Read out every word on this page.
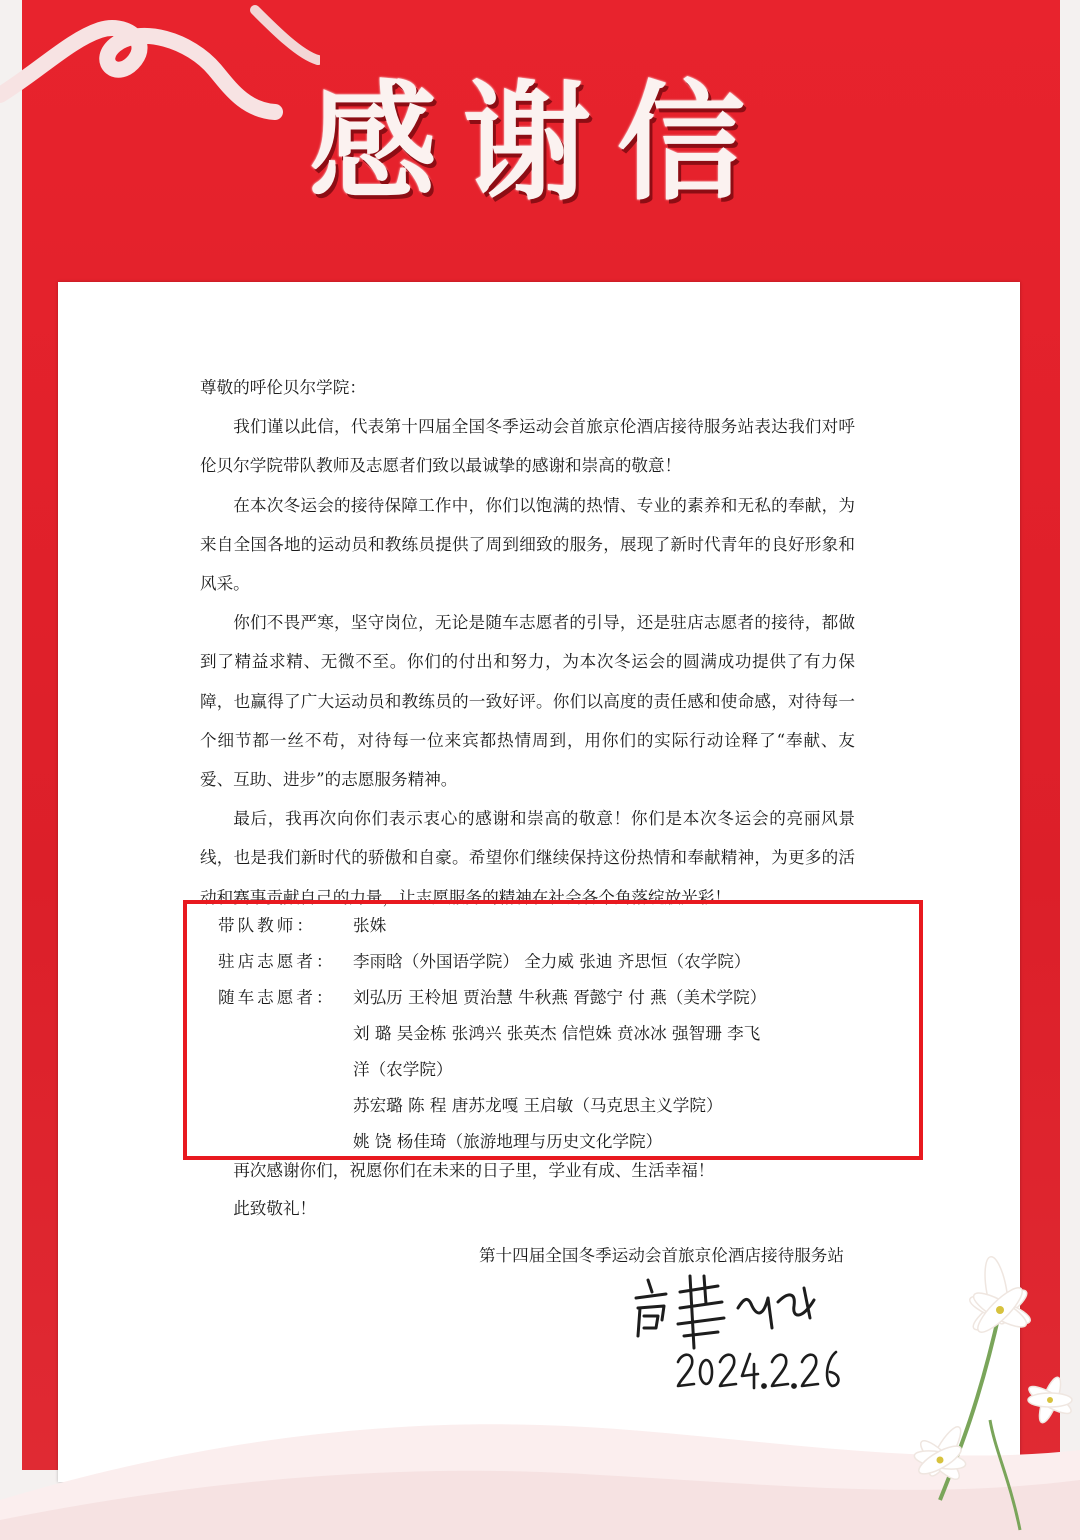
感谢信

尊敬的呼伦贝尔学院：

我们谨以此信，代表第十四届全国冬季运动会首旅京伦酒店接待服务站表达我们对呼伦贝尔学院带队教师及志愿者们致以最诚挚的感谢和崇高的敬意！

在本次冬运会的接待保障工作中，你们以饱满的热情、专业的素养和无私的奉献，为来自全国各地的运动员和教练员提供了周到细致的服务，展现了新时代青年的良好形象和风采。

你们不畏严寒，坚守岗位，无论是随车志愿者的引导，还是驻店志愿者的接待，都做到了精益求精、无微不至。你们的付出和努力，为本次冬运会的圆满成功提供了有力保障，也赢得了广大运动员和教练员的一致好评。你们以高度的责任感和使命感，对待每一个细节都一丝不苟，对待每一位来宾都热情周到，用你们的实际行动诠释了“奉献、友爱、互助、进步”的志愿服务精神。

最后，我再次向你们表示衷心的感谢和崇高的敬意！你们是本次冬运会的亮丽风景线，也是我们新时代的骄傲和自豪。希望你们继续保持这份热情和奉献精神，为更多的活动和赛事贡献自己的力量，让志愿服务的精神在社会各个角落绽放光彩！

带队教师：	张姝
驻店志愿者：	李雨晗（外国语学院） 全力威 张迪 齐思恒（农学院）
随车志愿者：	刘弘历 王柃旭 贾治慧 牛秋燕 胥懿宁 付 燕（美术学院）
刘 璐 吴金栋 张鸿兴 张英杰 信恺姝 贲冰冰 强智珊 李飞
洋（农学院）
苏宏璐 陈 程 唐苏龙嘎 王启敏（马克思主义学院）
姚 饶 杨佳琦（旅游地理与历史文化学院）

再次感谢你们，祝愿你们在未来的日子里，学业有成、生活幸福！

此致敬礼！

第十四届全国冬季运动会首旅京伦酒店接待服务站
